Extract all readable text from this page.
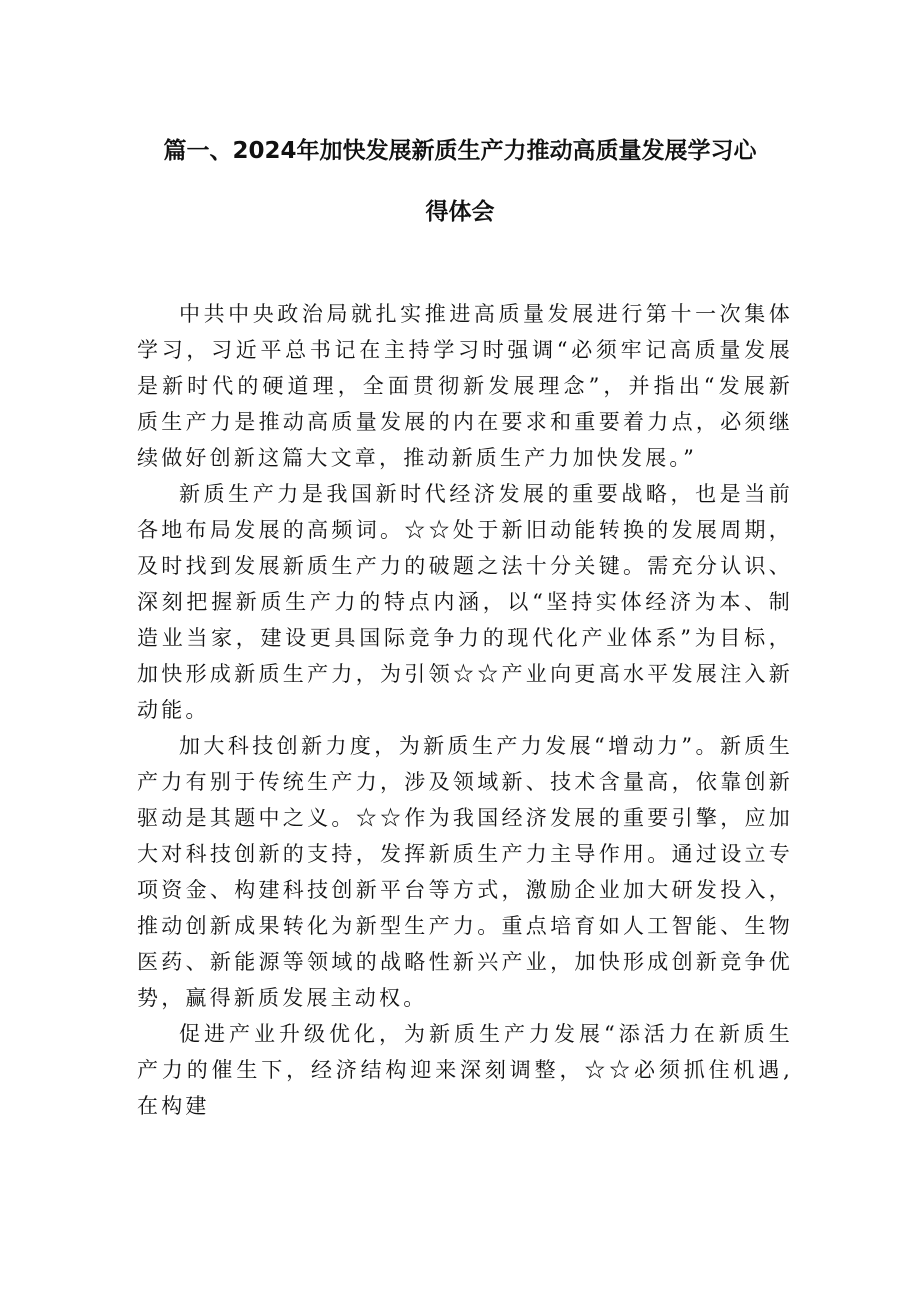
篇一、2024年加快发展新质生产力推动高质量发展学习心
得体会

中共中央政治局就扎实推进高质量发展进行第十一次集体学习，习近平总书记在主持学习时强调“必须牢记高质量发展是新时代的硬道理，全面贯彻新发展理念”，并指出“发展新质生产力是推动高质量发展的内在要求和重要着力点，必须继续做好创新这篇大文章，推动新质生产力加快发展。”

新质生产力是我国新时代经济发展的重要战略，也是当前各地布局发展的高频词。☆☆处于新旧动能转换的发展周期，及时找到发展新质生产力的破题之法十分关键。需充分认识、深刻把握新质生产力的特点内涵，以“坚持实体经济为本、制造业当家，建设更具国际竞争力的现代化产业体系”为目标，加快形成新质生产力，为引领☆☆产业向更高水平发展注入新动能。

加大科技创新力度，为新质生产力发展“增动力”。新质生产力有别于传统生产力，涉及领域新、技术含量高，依靠创新驱动是其题中之义。☆☆作为我国经济发展的重要引擎，应加大对科技创新的支持，发挥新质生产力主导作用。通过设立专项资金、构建科技创新平台等方式，激励企业加大研发投入，推动创新成果转化为新型生产力。重点培育如人工智能、生物医药、新能源等领域的战略性新兴产业，加快形成创新竞争优势，赢得新质发展主动权。

促进产业升级优化，为新质生产力发展“添活力在新质生产力的催生下，经济结构迎来深刻调整，☆☆必须抓住机遇,在构建
